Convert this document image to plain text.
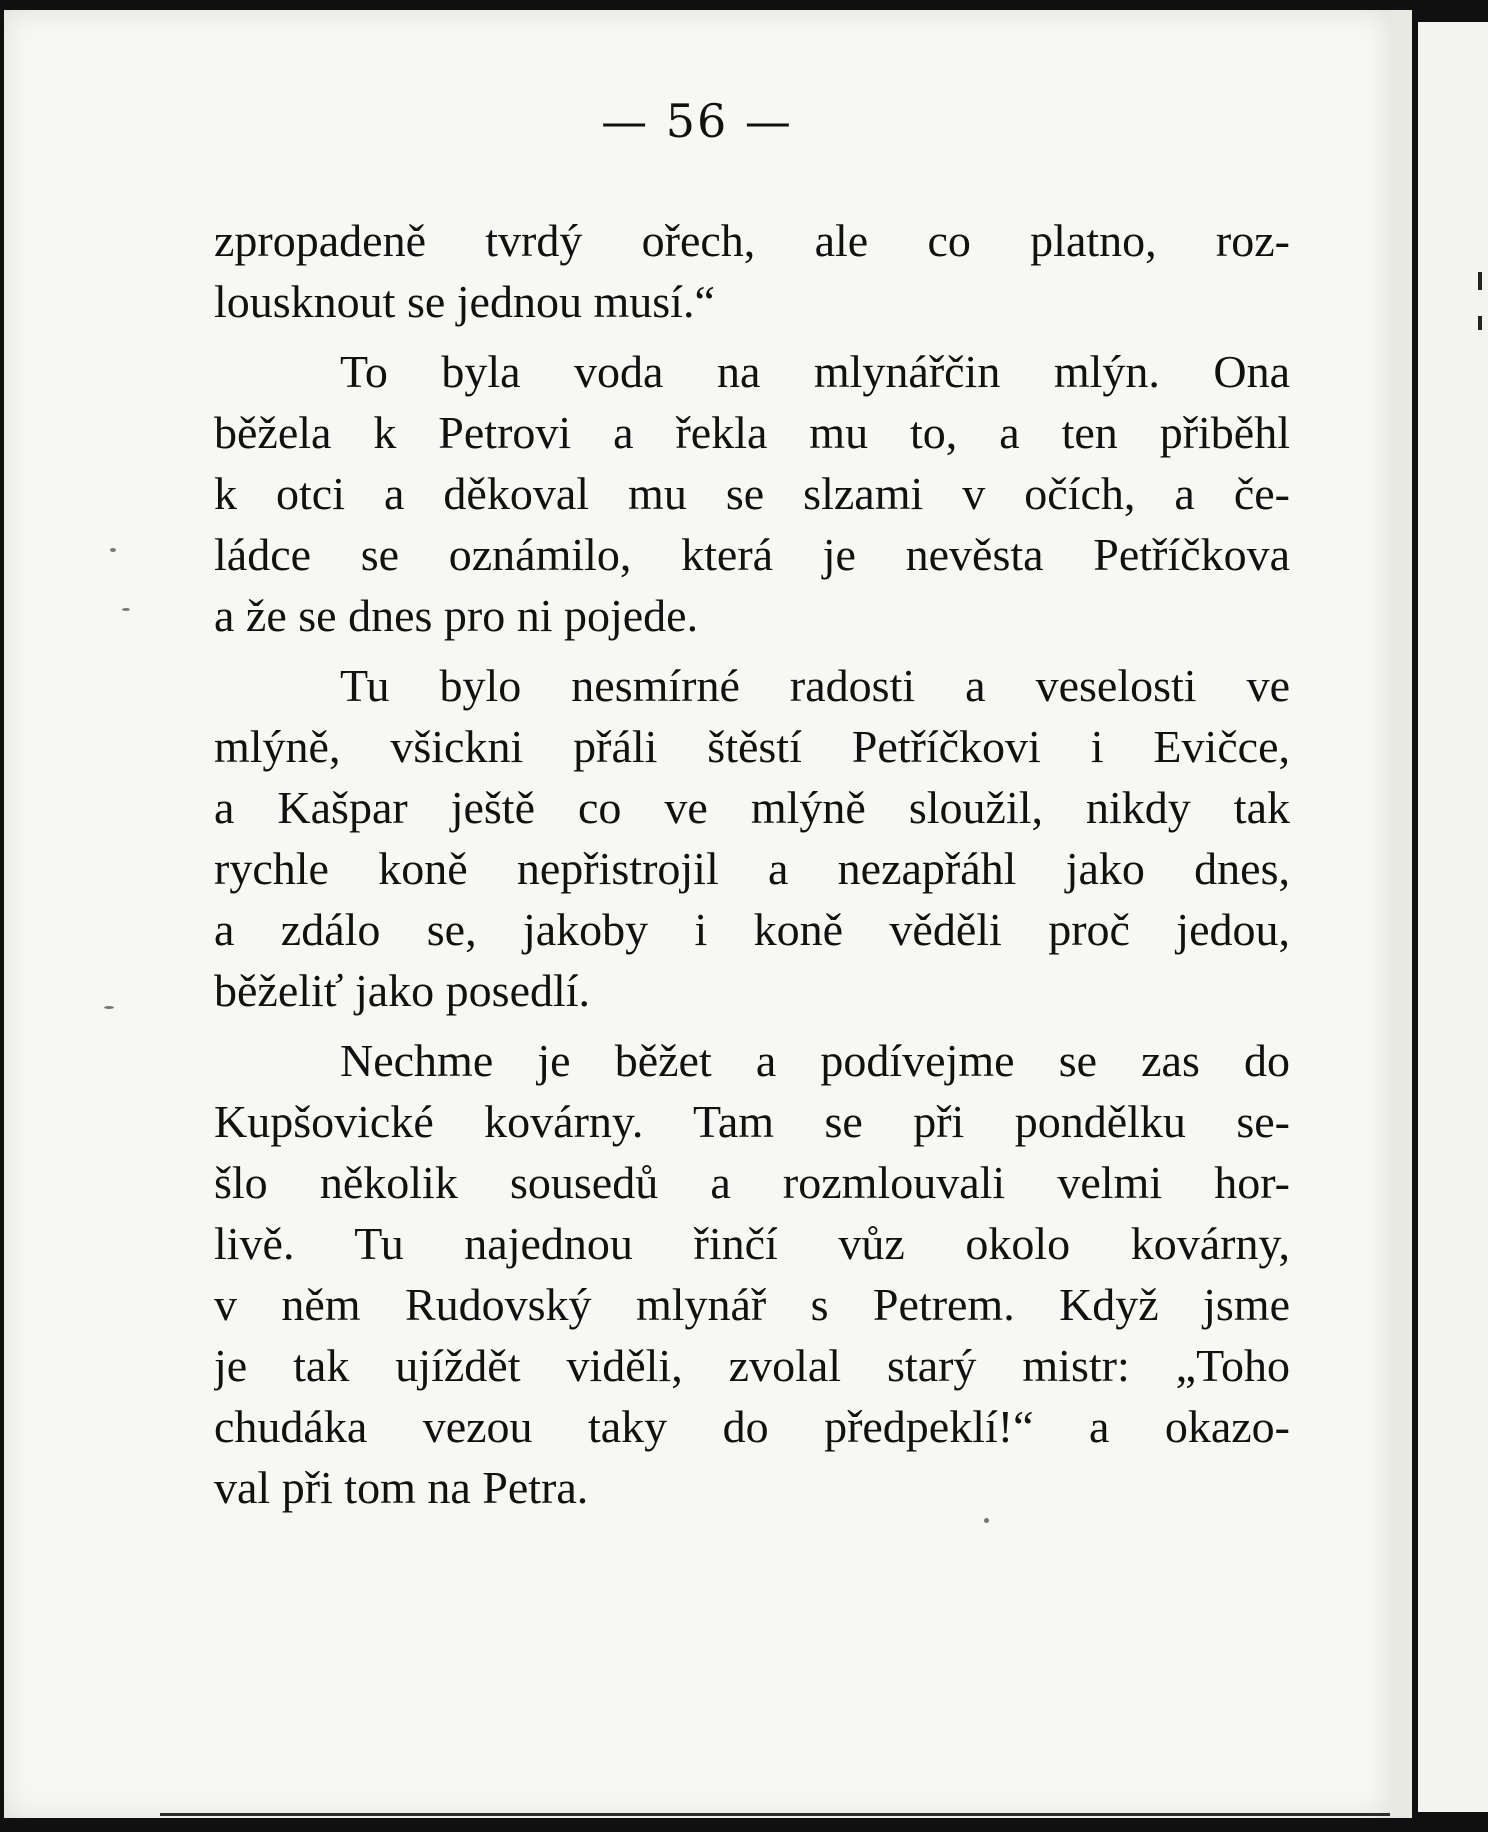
— 56 —
zpropadeně tvrdý ořech, ale co platno, roz-
lousknout se jednou musí.“
To byla voda na mlynářčin mlýn. Ona
běžela k Petrovi a řekla mu to, a ten přiběhl
k otci a děkoval mu se slzami v očích, a če-
ládce se oznámilo, která je nevěsta Petříčkova
a že se dnes pro ni pojede.
Tu bylo nesmírné radosti a veselosti ve
mlýně, všickni přáli štěstí Petříčkovi i Evičce,
a Kašpar ještě co ve mlýně sloužil, nikdy tak
rychle koně nepřistrojil a nezapřáhl jako dnes,
a zdálo se, jakoby i koně věděli proč jedou,
běželiť jako posedlí.
Nechme je běžet a podívejme se zas do
Kupšovické kovárny. Tam se při pondělku se-
šlo několik sousedů a rozmlouvali velmi hor-
livě. Tu najednou řinčí vůz okolo kovárny,
v něm Rudovský mlynář s Petrem. Když jsme
je tak ujíždět viděli, zvolal starý mistr: „Toho
chudáka vezou taky do předpeklí!“ a okazo-
val při tom na Petra.
